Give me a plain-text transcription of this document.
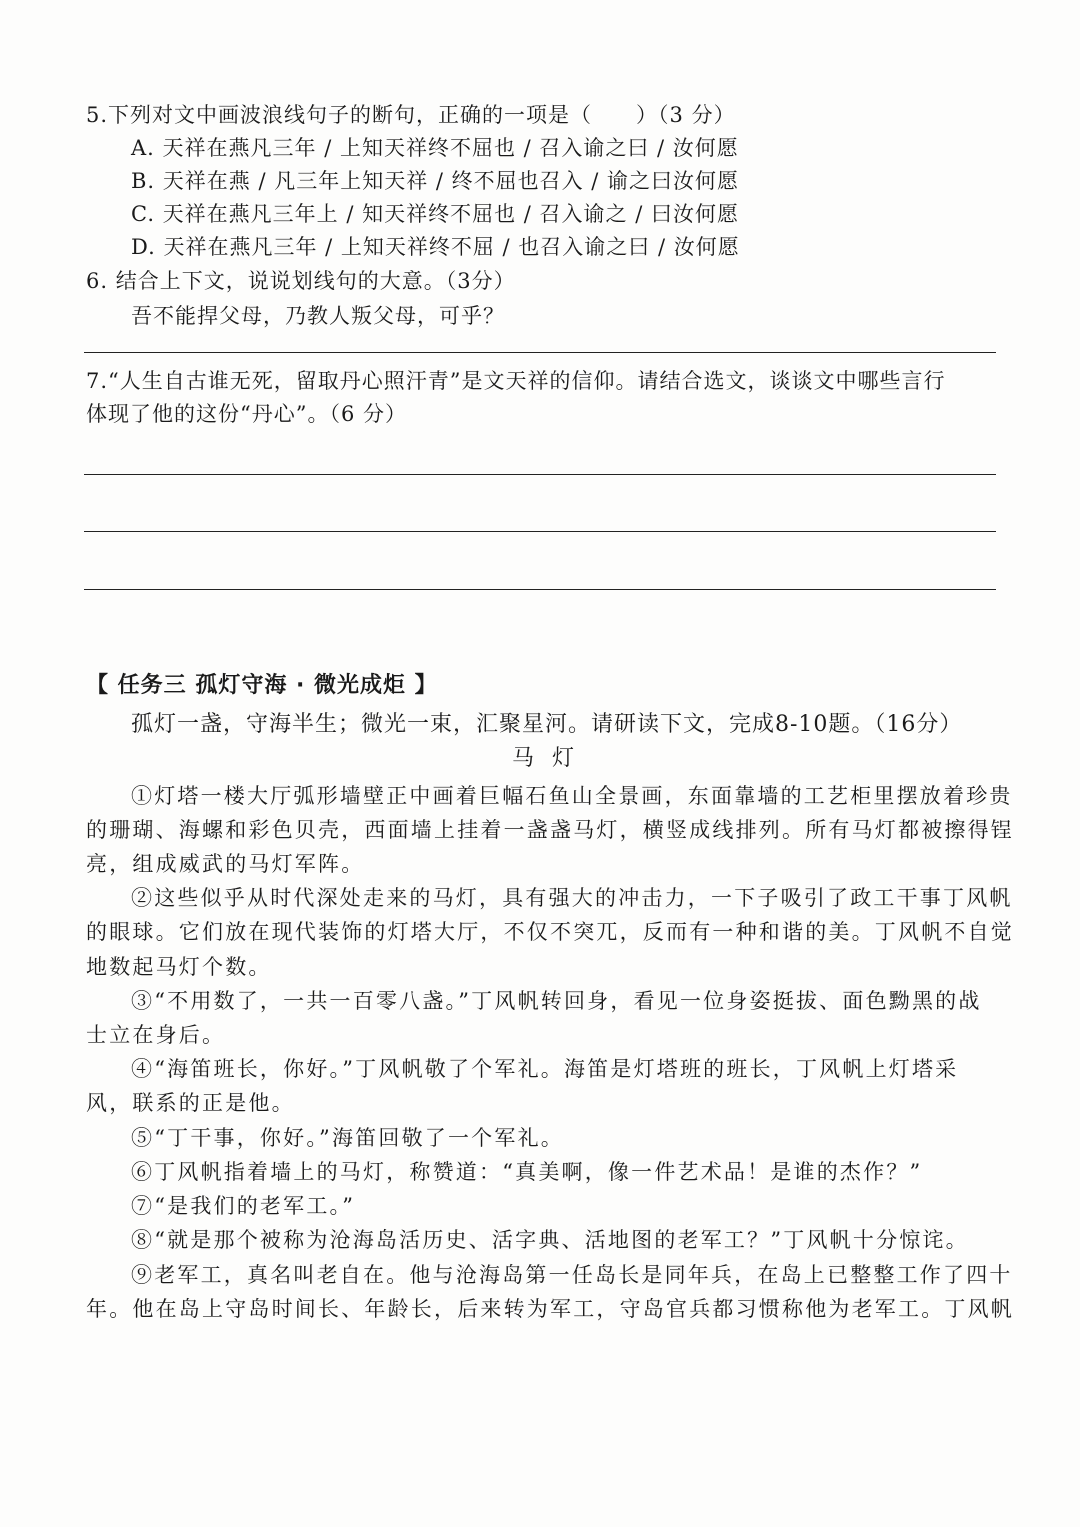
5.下列对文中画波浪线句子的断句，正确的一项是（　　）（3 分）
A. 天祥在燕凡三年 / 上知天祥终不屈也 / 召入谕之曰 / 汝何愿
B. 天祥在燕 / 凡三年上知天祥 / 终不屈也召入 / 谕之曰汝何愿
C. 天祥在燕凡三年上 / 知天祥终不屈也 / 召入谕之 / 曰汝何愿
D. 天祥在燕凡三年 / 上知天祥终不屈 / 也召入谕之曰 / 汝何愿
6. 结合上下文，说说划线句的大意。（3分）
吾不能捍父母，乃教人叛父母，可乎？
7.“人生自古谁无死，留取丹心照汗青”是文天祥的信仰。请结合选文，谈谈文中哪些言行
体现了他的这份“丹心”。（6 分）
【 任务三 孤灯守海 · 微光成炬 】
孤灯一盏，守海半生；微光一束，汇聚星河。请研读下文，完成8-10题。（16分）
马灯
①灯塔一楼大厅弧形墙壁正中画着巨幅石鱼山全景画，东面靠墙的工艺柜里摆放着珍贵
的珊瑚、海螺和彩色贝壳，西面墙上挂着一盏盏马灯，横竖成线排列。所有马灯都被擦得锃
亮，组成威武的马灯军阵。
②这些似乎从时代深处走来的马灯，具有强大的冲击力，一下子吸引了政工干事丁风帆
的眼球。它们放在现代装饰的灯塔大厅，不仅不突兀，反而有一种和谐的美。丁风帆不自觉
地数起马灯个数。
③“不用数了，一共一百零八盏。”丁风帆转回身，看见一位身姿挺拔、面色黝黑的战
士立在身后。
④“海笛班长，你好。”丁风帆敬了个军礼。海笛是灯塔班的班长，丁风帆上灯塔采
风，联系的正是他。
⑤“丁干事，你好。”海笛回敬了一个军礼。
⑥丁风帆指着墙上的马灯，称赞道：“真美啊，像一件艺术品！是谁的杰作？”
⑦“是我们的老军工。”
⑧“就是那个被称为沧海岛活历史、活字典、活地图的老军工？”丁风帆十分惊诧。
⑨老军工，真名叫老自在。他与沧海岛第一任岛长是同年兵，在岛上已整整工作了四十
年。他在岛上守岛时间长、年龄长，后来转为军工，守岛官兵都习惯称他为老军工。丁风帆
